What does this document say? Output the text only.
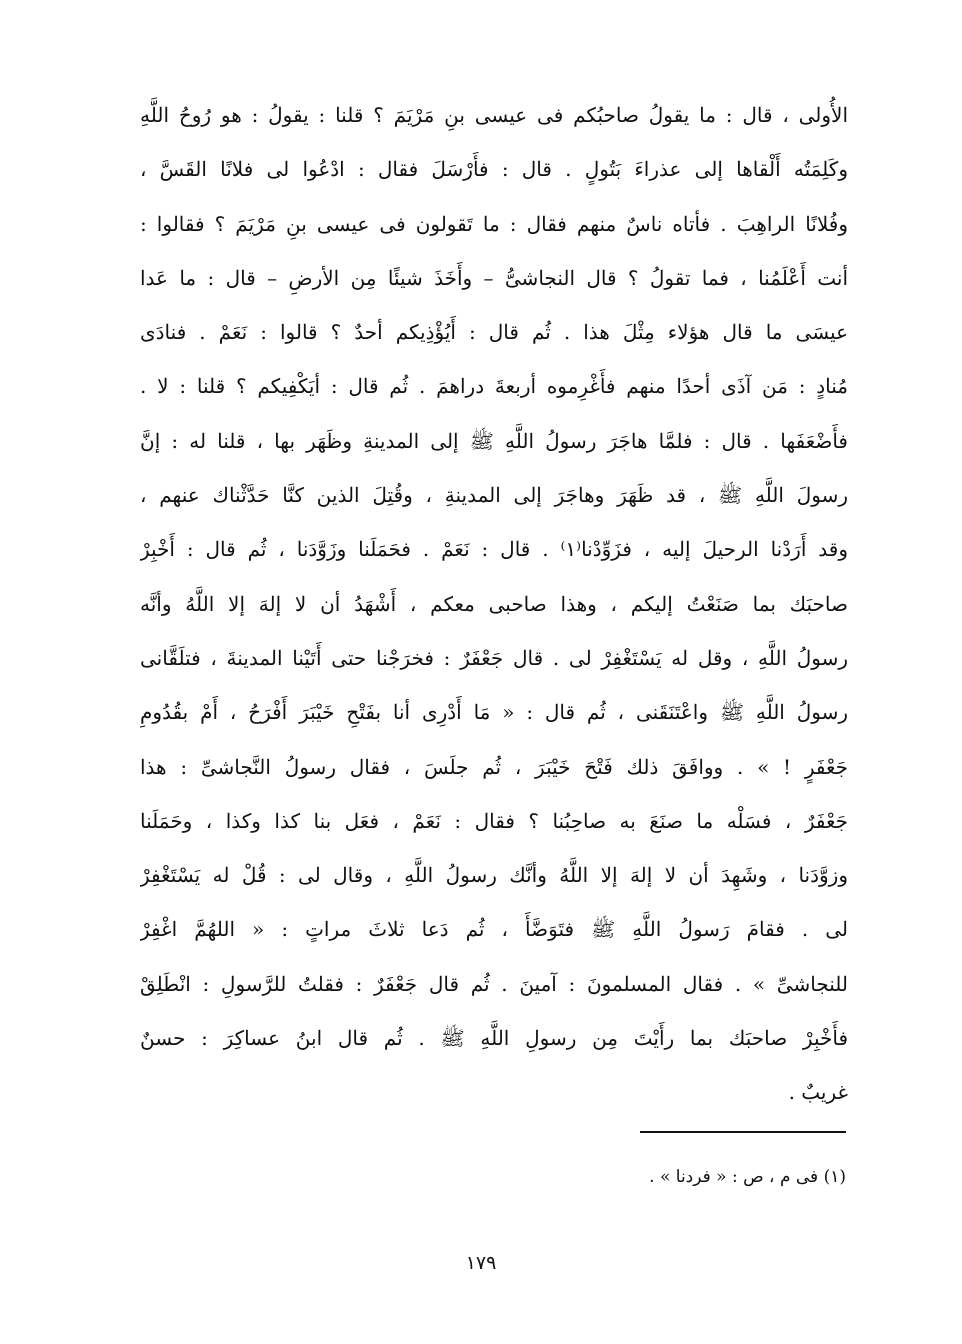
الأُولى ، قال : ما يقولُ صاحبُكم فى عيسى بنِ مَرْيَمَ ؟ قلنا : يقولُ : هو رُوحُ اللَّهِ
وكَلِمَتُه أَلْقاها إلى عذراءَ بَتُولٍ . قال : فأَرْسَلَ فقال : ادْعُوا لى فلانًا القَسَّ ،
وفُلانًا الراهِبَ . فأتاه ناسٌ منهم فقال : ما تَقولون فى عيسى بنِ مَرْيَمَ ؟ فقالوا :
أنت أَعْلَمُنا ، فما تقولُ ؟ قال النجاشىُّ – وأَخَذَ شيئًا مِن الأرضِ – قال : ما عَدا
عيسَى ما قال هؤلاء مِثْلَ هذا . ثُم قال : أَيُؤْذِيكم أحدٌ ؟ قالوا : نَعَمْ . فنادَى
مُنادٍ : مَن آذَى أحدًا منهم فأَغْرِموه أربعةَ دراهمَ . ثُم قال : أيَكْفِيكم ؟ قلنا : لا .
فأَضْعَفَها . قال : فلمَّا هاجَرَ رسولُ اللَّهِ ﷺ إلى المدينةِ وظَهَر بها ، قلنا له : إنَّ
رسولَ اللَّهِ ﷺ ، قد ظَهَرَ وهاجَرَ إلى المدينةِ ، وقُتِلَ الذين كنَّا حَدَّثْناك عنهم ،
وقد أَرَدْنا الرحيلَ إليه ، فزَوِّدْنا⁽١⁾ . قال : نَعَمْ . فحَمَلَنا وزَوَّدَنا ، ثُم قال : أَخْبِرْ
صاحبَك بما صَنَعْتُ إليكم ، وهذا صاحبى معكم ، أَشْهَدُ أن لا إلهَ إلا اللَّهُ وأنَّه
رسولُ اللَّهِ ، وقل له يَسْتَغْفِرْ لى . قال جَعْفَرٌ : فخرَجْنا حتى أَتَيْنا المدينةَ ، فتلَقَّانى
رسولُ اللَّهِ ﷺ واعْتَنَقَنى ، ثُم قال : « مَا أَدْرِى أنا بفَتْحِ خَيْبَرَ أَفْرَحُ ، أَمْ بقُدُومِ
جَعْفَرٍ ! » . ووافَقَ ذلك فَتْحَ خَيْبَرَ ، ثُم جلَسَ ، فقال رسولُ النَّجاشىِّ : هذا
جَعْفَرٌ ، فسَلْه ما صنَعَ به صاحِبُنا ؟ فقال : نَعَمْ ، فعَل بنا كذا وكذا ، وحَمَلَنا
وزوَّدَنا ، وشَهِدَ أن لا إلهَ إلا اللَّهُ وأنَّك رسولُ اللَّهِ ، وقال لى : قُلْ له يَسْتَغْفِرْ
لى . فقامَ رَسولُ اللَّهِ ﷺ فتَوَضَّأَ ، ثُم دَعا ثلاثَ مراتٍ : « اللهُمَّ اغْفِرْ
للنجاشىِّ » . فقال المسلمونَ : آمينَ . ثُم قال جَعْفَرٌ : فقلتُ للرَّسولِ : انْطَلِقْ
فأَخْبِرْ صاحبَك بما رأَيْتَ مِن رسولِ اللَّهِ ﷺ . ثُم قال ابنُ عساكِرَ : حسنٌ
غريبٌ .
(١) فى م ، ص : « فردنا » .
١٧٩
